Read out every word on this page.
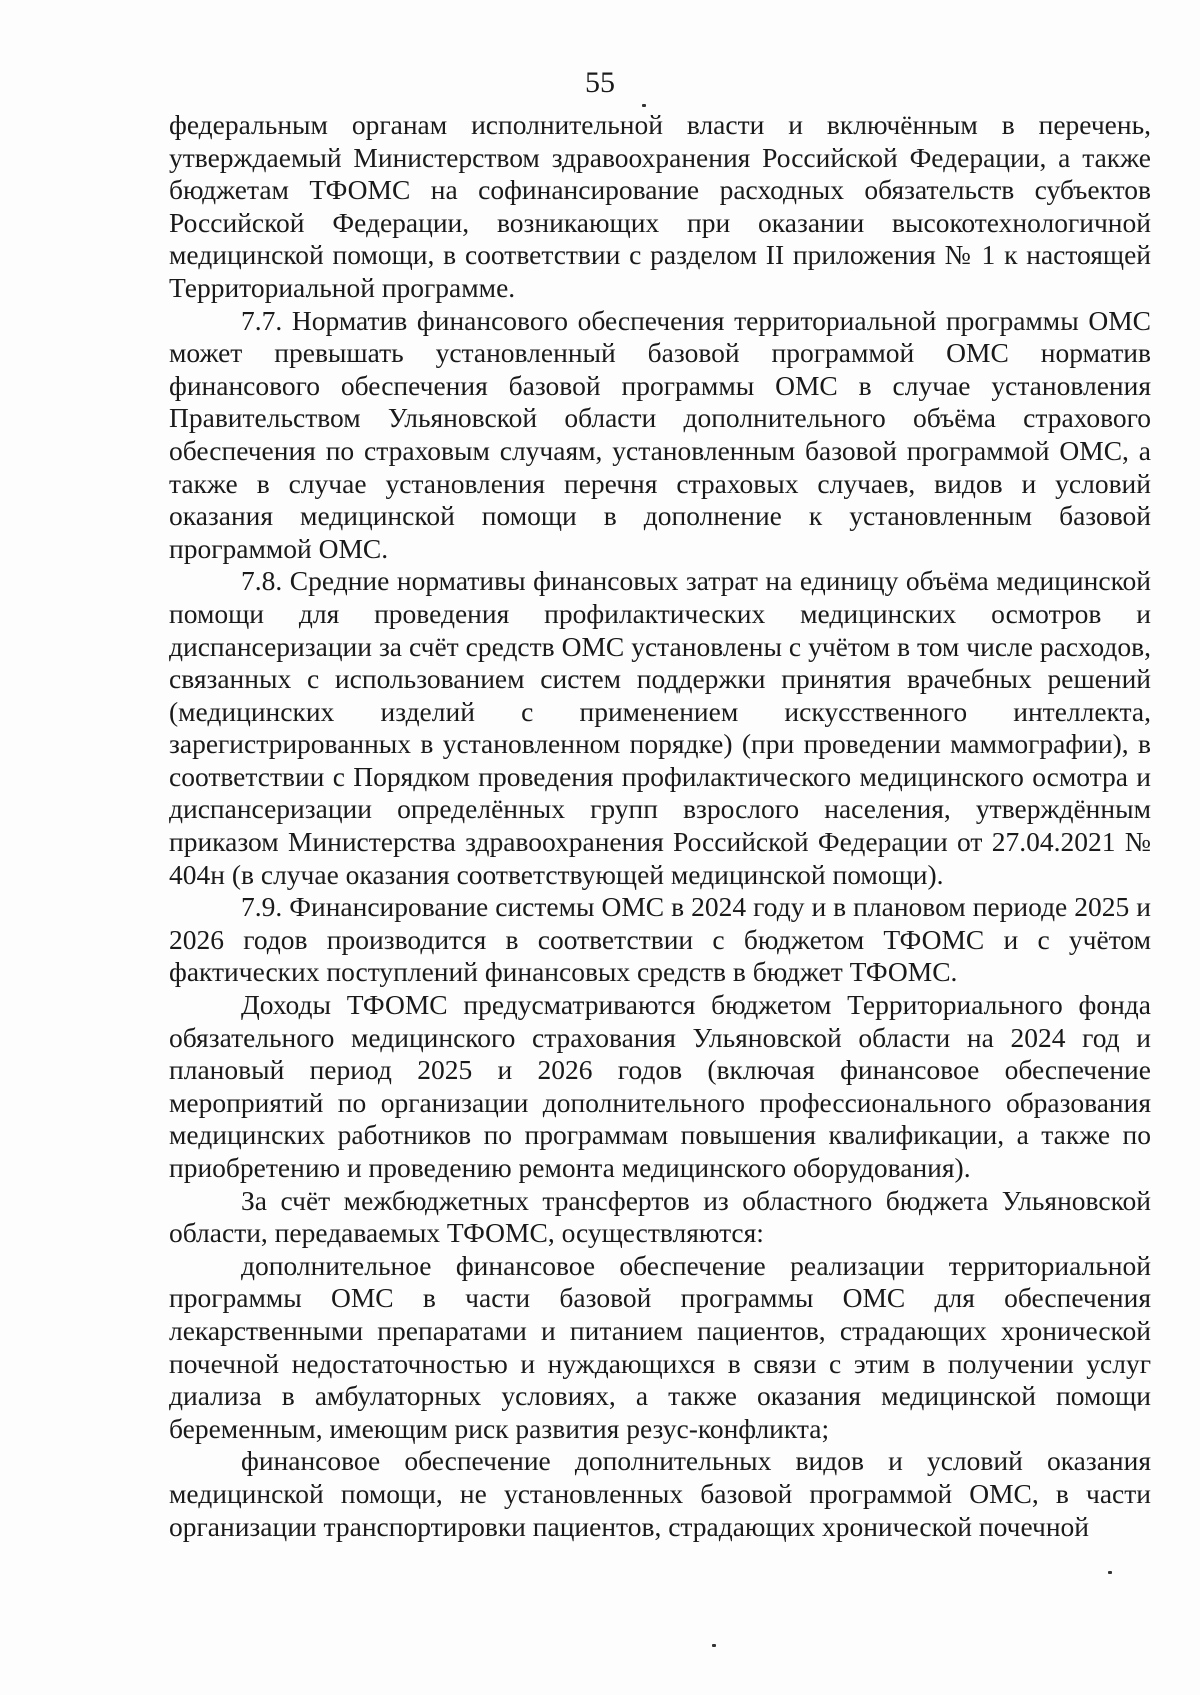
55

федеральным органам исполнительной власти и включённым в перечень, утверждаемый Министерством здравоохранения Российской Федерации, а также бюджетам ТФОМС на софинансирование расходных обязательств субъектов Российской Федерации, возникающих при оказании высокотехнологичной медицинской помощи, в соответствии с разделом II приложения № 1 к настоящей Территориальной программе.

7.7. Норматив финансового обеспечения территориальной программы ОМС может превышать установленный базовой программой ОМС норматив финансового обеспечения базовой программы ОМС в случае установления Правительством Ульяновской области дополнительного объёма страхового обеспечения по страховым случаям, установленным базовой программой ОМС, а также в случае установления перечня страховых случаев, видов и условий оказания медицинской помощи в дополнение к установленным базовой программой ОМС.

7.8. Средние нормативы финансовых затрат на единицу объёма медицинской помощи для проведения профилактических медицинских осмотров и диспансеризации за счёт средств ОМС установлены с учётом в том числе расходов, связанных с использованием систем поддержки принятия врачебных решений (медицинских изделий с применением искусственного интеллекта, зарегистрированных в установленном порядке) (при проведении маммографии), в соответствии с Порядком проведения профилактического медицинского осмотра и диспансеризации определённых групп взрослого населения, утверждённым приказом Министерства здравоохранения Российской Федерации от 27.04.2021 № 404н (в случае оказания соответствующей медицинской помощи).

7.9. Финансирование системы ОМС в 2024 году и в плановом периоде 2025 и 2026 годов производится в соответствии с бюджетом ТФОМС и с учётом фактических поступлений финансовых средств в бюджет ТФОМС.

Доходы ТФОМС предусматриваются бюджетом Территориального фонда обязательного медицинского страхования Ульяновской области на 2024 год и плановый период 2025 и 2026 годов (включая финансовое обеспечение мероприятий по организации дополнительного профессионального образования медицинских работников по программам повышения квалификации, а также по приобретению и проведению ремонта медицинского оборудования).

За счёт межбюджетных трансфертов из областного бюджета Ульяновской области, передаваемых ТФОМС, осуществляются:

дополнительное финансовое обеспечение реализации территориальной программы ОМС в части базовой программы ОМС для обеспечения лекарственными препаратами и питанием пациентов, страдающих хронической почечной недостаточностью и нуждающихся в связи с этим в получении услуг диализа в амбулаторных условиях, а также оказания медицинской помощи беременным, имеющим риск развития резус-конфликта;

финансовое обеспечение дополнительных видов и условий оказания медицинской помощи, не установленных базовой программой ОМС, в части организации транспортировки пациентов, страдающих хронической почечной
